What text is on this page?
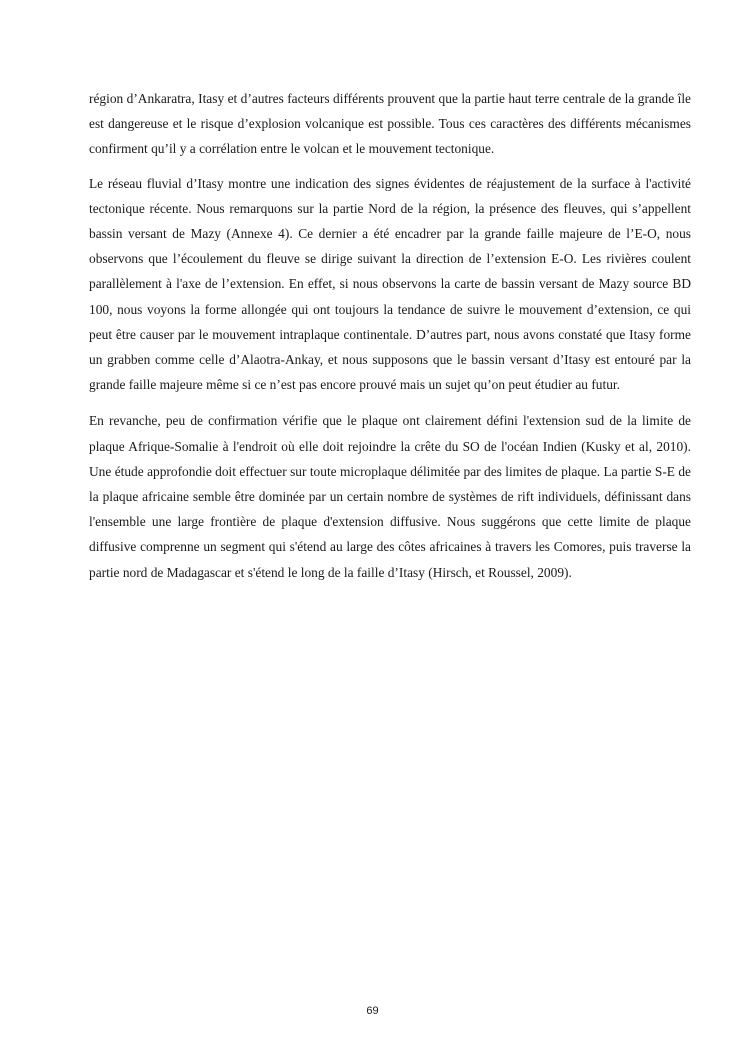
région d’Ankaratra, Itasy et d’autres facteurs différents prouvent que la partie haut terre centrale de la grande île est dangereuse et le risque d’explosion volcanique est possible. Tous ces caractères des différents mécanismes confirment qu’il y a corrélation entre le volcan et le mouvement tectonique.

Le réseau fluvial d’Itasy montre une indication des signes évidentes de réajustement de la surface à l'activité tectonique récente. Nous remarquons sur la partie Nord de la région, la présence des fleuves, qui s’appellent bassin versant de Mazy (Annexe 4). Ce dernier a été encadrer par la grande faille majeure de l’E-O, nous observons que l’écoulement du fleuve se dirige suivant la direction de l’extension E-O. Les rivières coulent parallèlement à l'axe de l’extension. En effet, si nous observons la carte de bassin versant de Mazy source BD 100, nous voyons la forme allongée qui ont toujours la tendance de suivre le mouvement d’extension, ce qui peut être causer par le mouvement intraplaque continentale. D’autres part, nous avons constaté que Itasy forme un grabben comme celle d’Alaotra-Ankay, et nous supposons que le bassin versant d’Itasy est entouré par la grande faille majeure même si ce n’est pas encore prouvé mais un sujet qu’on peut étudier au futur.

En revanche, peu de confirmation vérifie que le plaque ont clairement défini l'extension sud de la limite de plaque Afrique-Somalie à l'endroit où elle doit rejoindre la crête du SO de l'océan Indien (Kusky et al, 2010). Une étude approfondie doit effectuer sur toute microplaque délimitée par des limites de plaque. La partie S-E de la plaque africaine semble être dominée par un certain nombre de systèmes de rift individuels, définissant dans l'ensemble une large frontière de plaque d'extension diffusive. Nous suggérons que cette limite de plaque diffusive comprenne un segment qui s'étend au large des côtes africaines à travers les Comores, puis traverse la partie nord de Madagascar et s'étend le long de la faille d’Itasy (Hirsch, et Roussel, 2009).

69
